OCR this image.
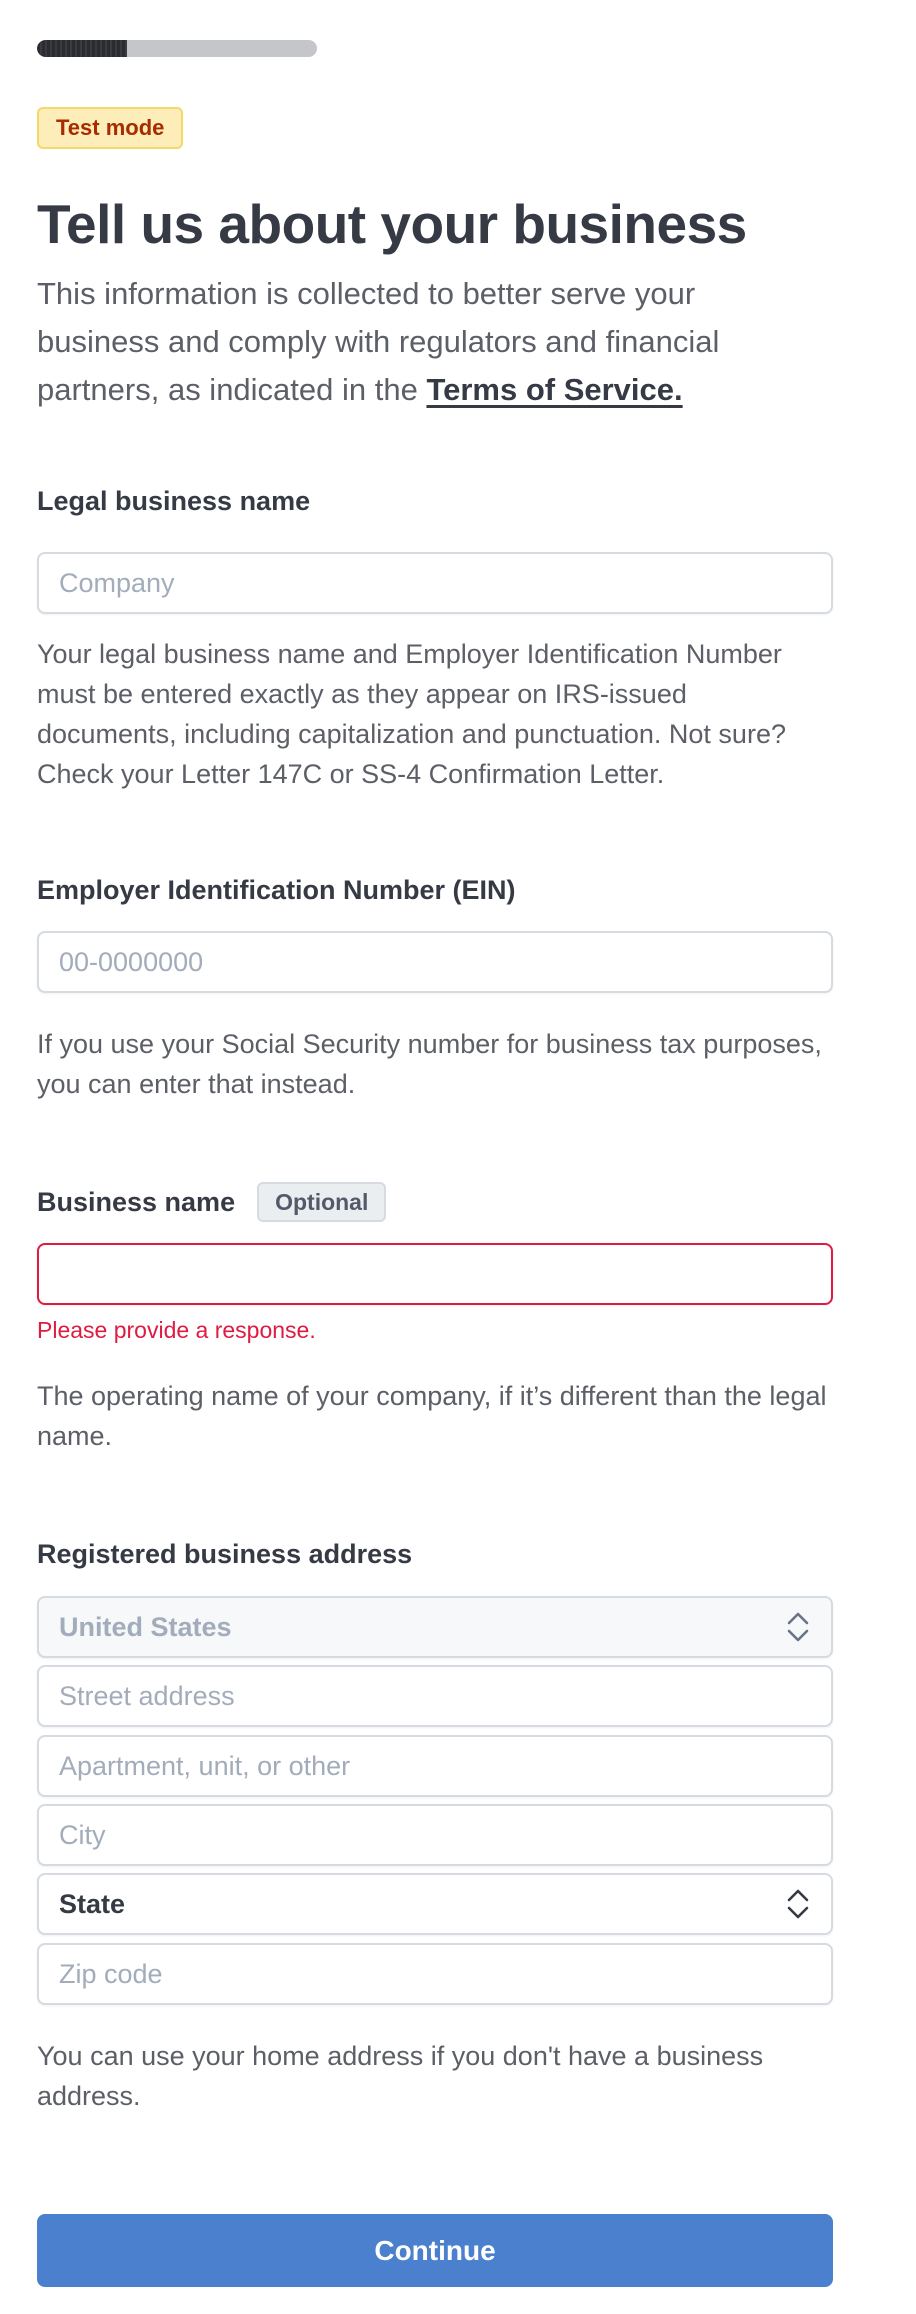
Test mode
Tell us about your business

This information is collected to better serve your business and comply with regulators and financial partners, as indicated in the Terms of Service.

Legal business name
Company

Your legal business name and Employer Identification Number must be entered exactly as they appear on IRS-issued documents, including capitalization and punctuation. Not sure? Check your Letter 147C or SS-4 Confirmation Letter.

Employer Identification Number (EIN)
00-0000000

If you use your Social Security number for business tax purposes, you can enter that instead.

Business name	Optional

Please provide a response.

The operating name of your company, if it’s different than the legal name.

Registered business address
United States
Street address
Apartment, unit, or other
City
State
Zip code

You can use your home address if you don't have a business address.

Continue
